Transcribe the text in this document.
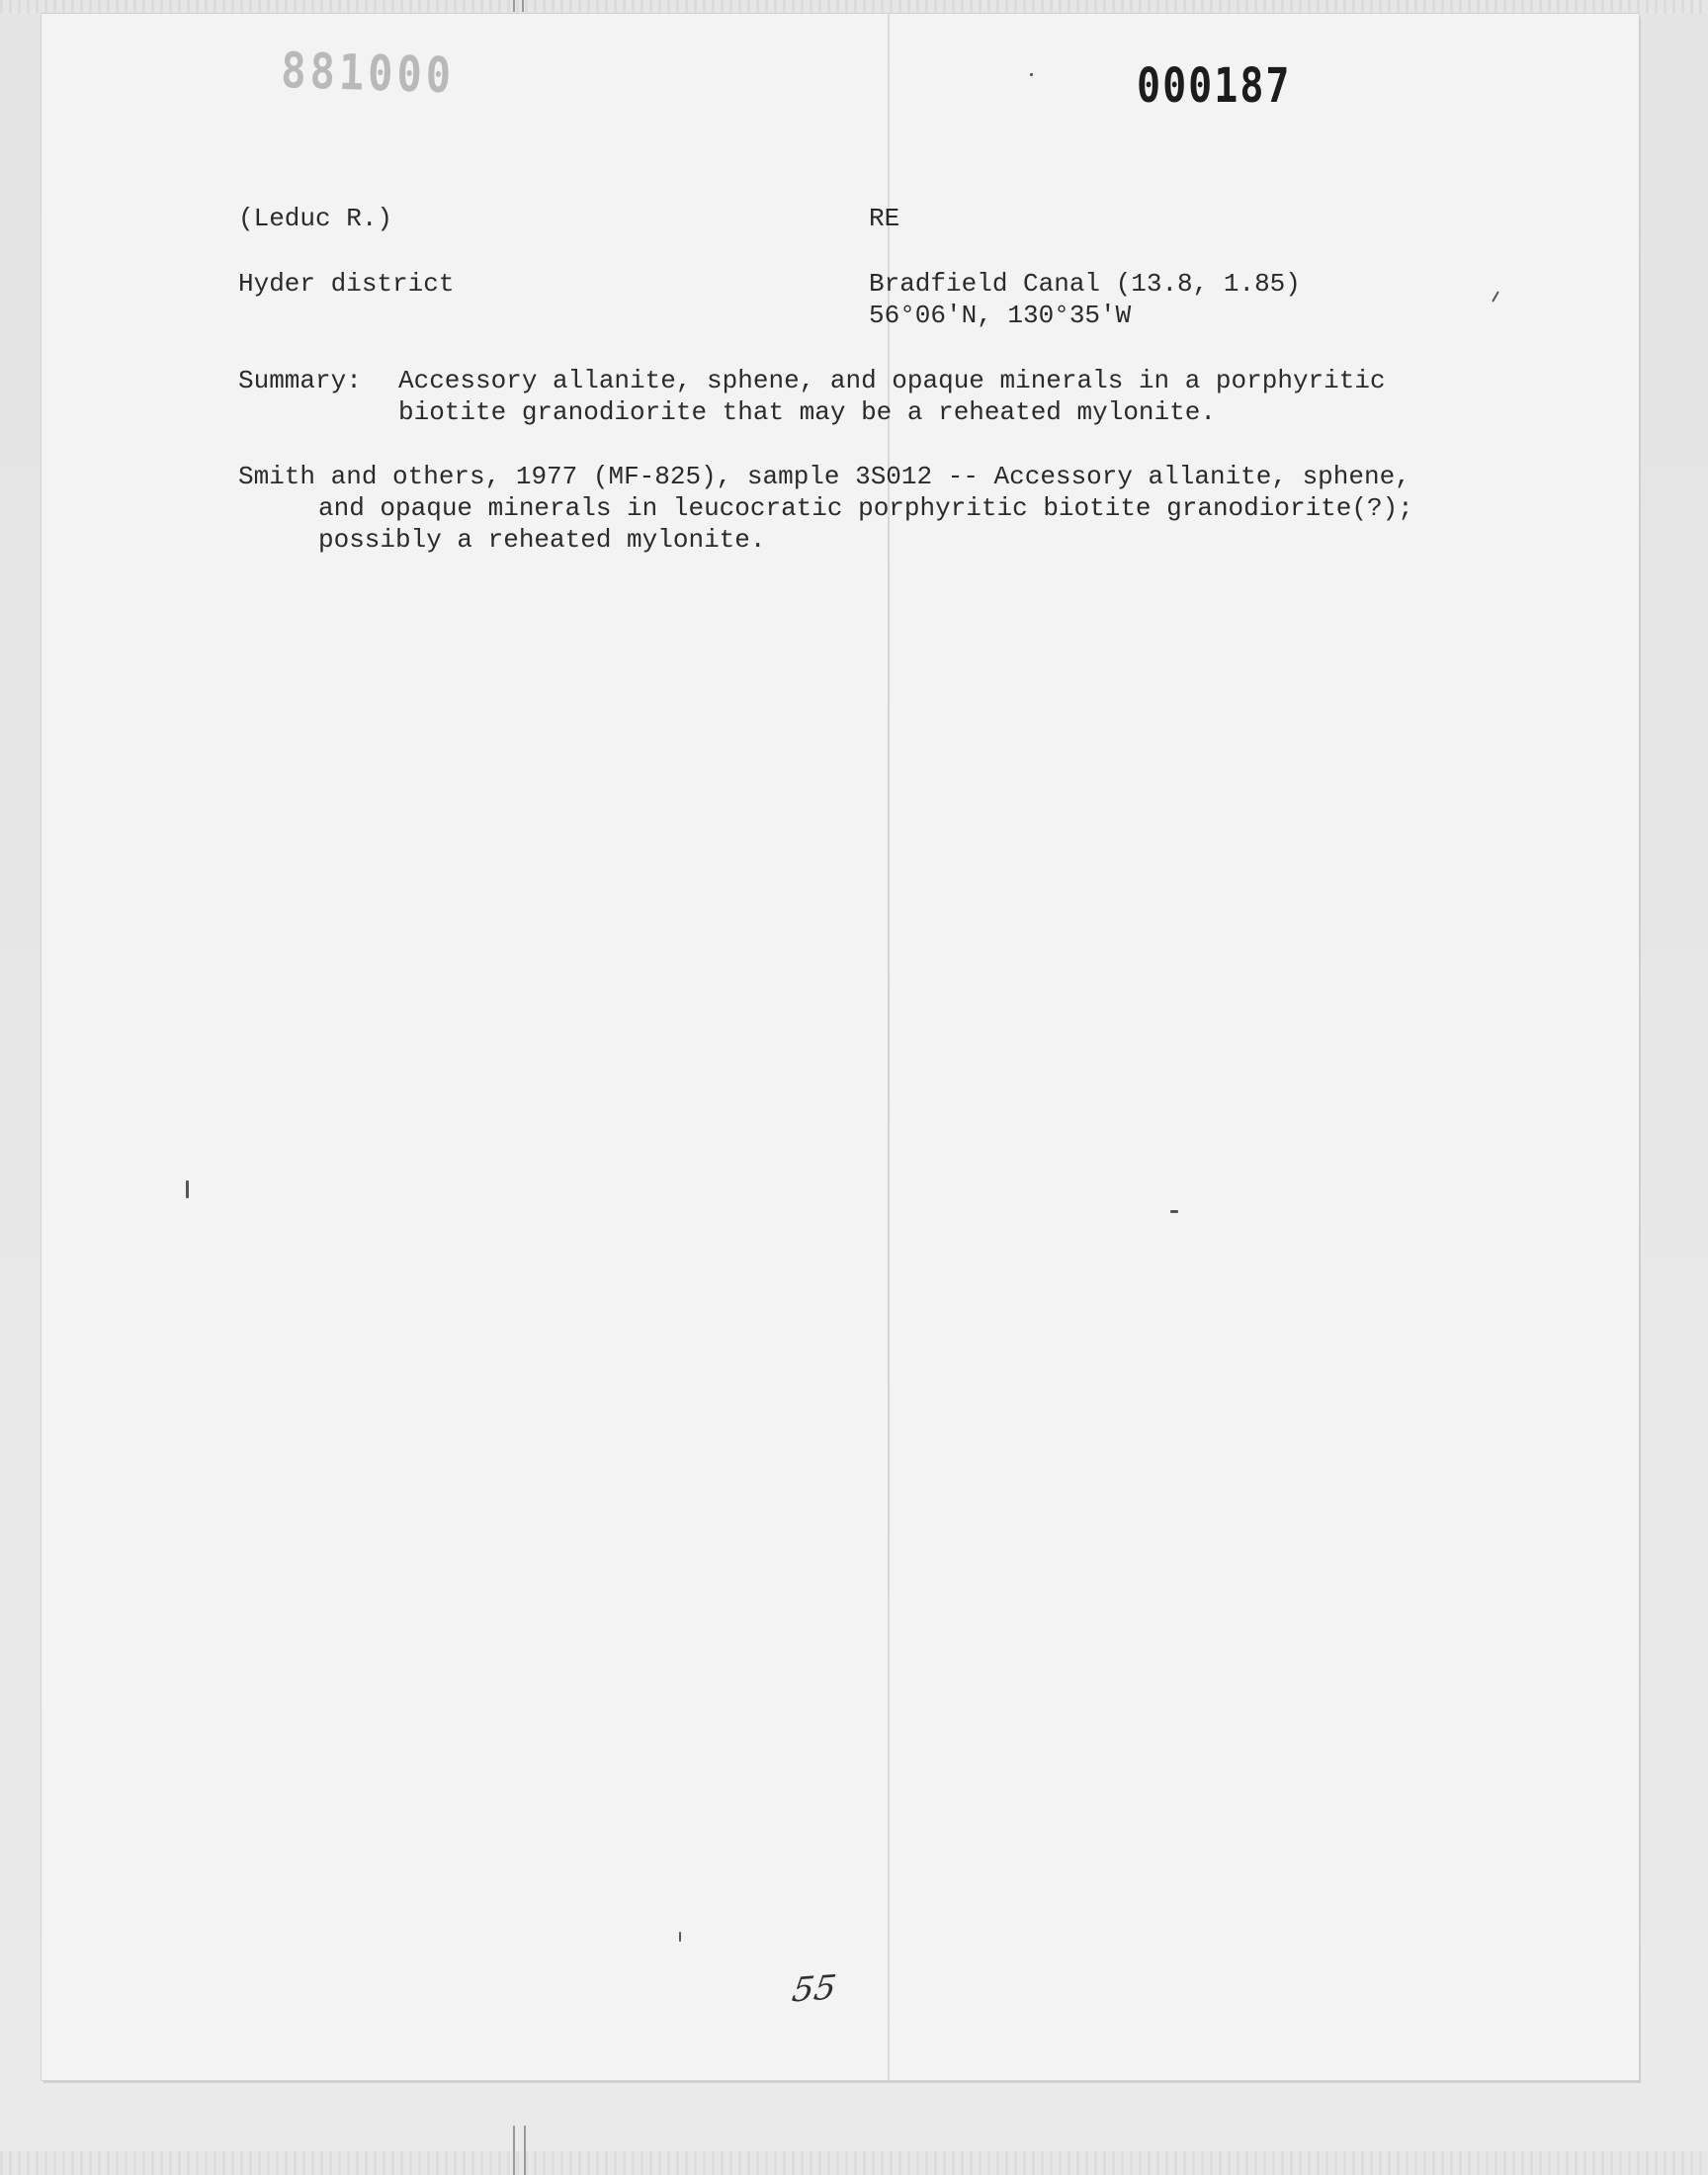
881000	000187
(Leduc R.)	RE
Hyder district	Bradfield Canal (13.8, 1.85)
56°06'N, 130°35'W
Summary: Accessory allanite, sphene, and opaque minerals in a porphyritic
biotite granodiorite that may be a reheated mylonite.
Smith and others, 1977 (MF-825), sample 3S012 -- Accessory allanite, sphene,
and opaque minerals in leucocratic porphyritic biotite granodiorite(?);
possibly a reheated mylonite.
55
